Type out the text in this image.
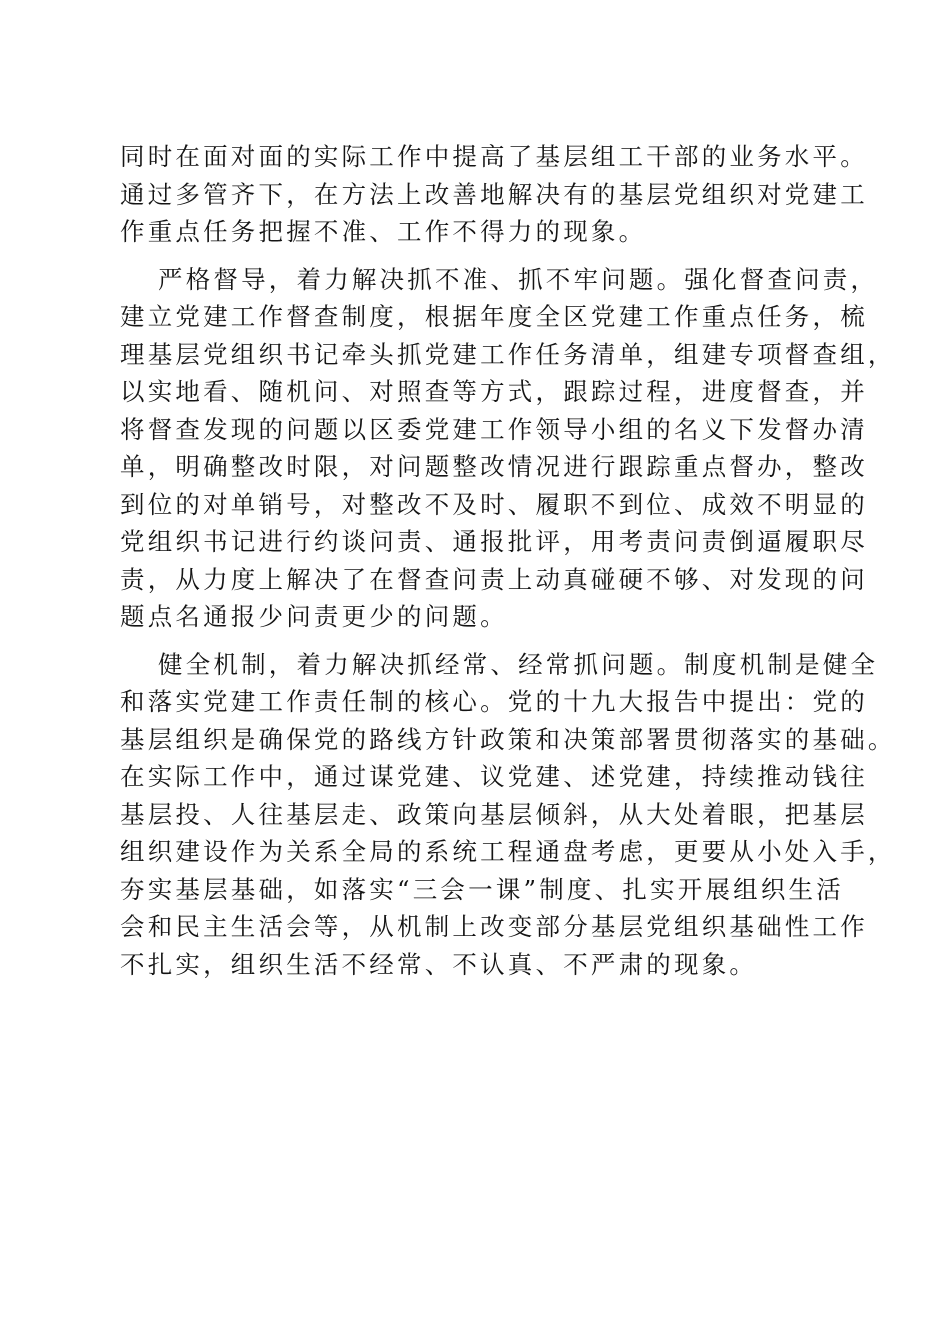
同时在面对面的实际工作中提高了基层组工干部的业务水平。
通过多管齐下，在方法上改善地解决有的基层党组织对党建工
作重点任务把握不准、工作不得力的现象。
严格督导，着力解决抓不准、抓不牢问题。强化督查问责，
建立党建工作督查制度，根据年度全区党建工作重点任务，梳
理基层党组织书记牵头抓党建工作任务清单，组建专项督查组，
以实地看、随机问、对照查等方式，跟踪过程，进度督查，并
将督查发现的问题以区委党建工作领导小组的名义下发督办清
单，明确整改时限，对问题整改情况进行跟踪重点督办，整改
到位的对单销号，对整改不及时、履职不到位、成效不明显的
党组织书记进行约谈问责、通报批评，用考责问责倒逼履职尽
责，从力度上解决了在督查问责上动真碰硬不够、对发现的问
题点名通报少问责更少的问题。
健全机制，着力解决抓经常、经常抓问题。制度机制是健全
和落实党建工作责任制的核心。党的十九大报告中提出：党的
基层组织是确保党的路线方针政策和决策部署贯彻落实的基础。
在实际工作中，通过谋党建、议党建、述党建，持续推动钱往
基层投、人往基层走、政策向基层倾斜，从大处着眼，把基层
组织建设作为关系全局的系统工程通盘考虑，更要从小处入手，
夯实基层基础，如落实“三会一课”制度、扎实开展组织生活
会和民主生活会等，从机制上改变部分基层党组织基础性工作
不扎实，组织生活不经常、不认真、不严肃的现象。
